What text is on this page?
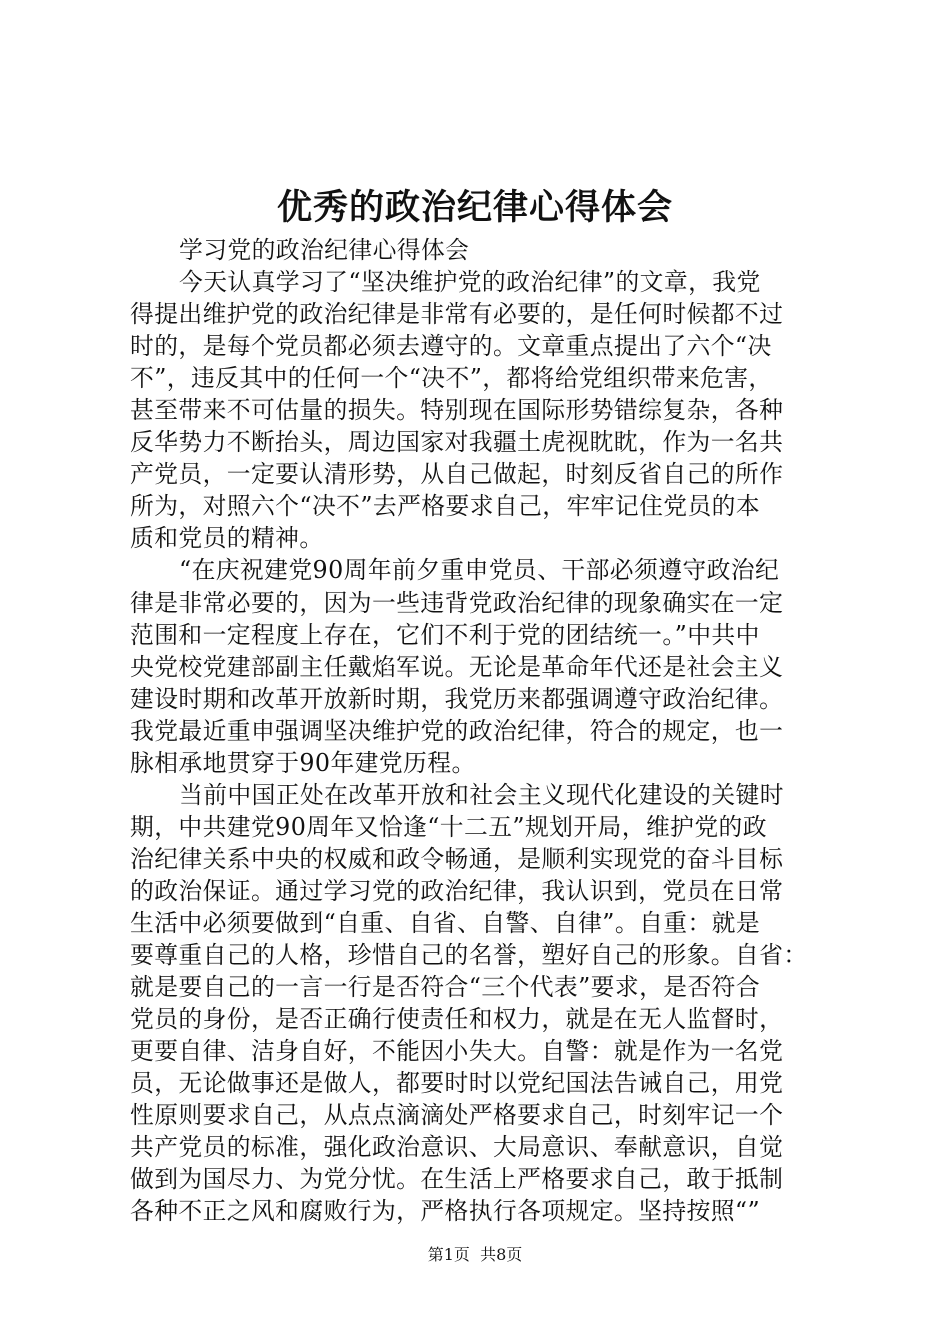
优秀的政治纪律心得体会
学习党的政治纪律心得体会
今天认真学习了“坚决维护党的政治纪律”的文章，我党
得提出维护党的政治纪律是非常有必要的，是任何时候都不过
时的，是每个党员都必须去遵守的。文章重点提出了六个“决
不”，违反其中的任何一个“决不”，都将给党组织带来危害，
甚至带来不可估量的损失。特别现在国际形势错综复杂，各种
反华势力不断抬头，周边国家对我疆土虎视眈眈，作为一名共
产党员，一定要认清形势，从自己做起，时刻反省自己的所作
所为，对照六个“决不”去严格要求自己，牢牢记住党员的本
质和党员的精神。
“在庆祝建党90周年前夕重申党员、干部必须遵守政治纪
律是非常必要的，因为一些违背党政治纪律的现象确实在一定
范围和一定程度上存在，它们不利于党的团结统一。”中共中
央党校党建部副主任戴焰军说。无论是革命年代还是社会主义
建设时期和改革开放新时期，我党历来都强调遵守政治纪律。
我党最近重申强调坚决维护党的政治纪律，符合的规定，也一
脉相承地贯穿于90年建党历程。
当前中国正处在改革开放和社会主义现代化建设的关键时
期，中共建党90周年又恰逢“十二五”规划开局，维护党的政
治纪律关系中央的权威和政令畅通，是顺利实现党的奋斗目标
的政治保证。通过学习党的政治纪律，我认识到，党员在日常
生活中必须要做到“自重、自省、自警、自律”。自重：就是
要尊重自己的人格，珍惜自己的名誉，塑好自己的形象。自省：
就是要自己的一言一行是否符合“三个代表”要求，是否符合
党员的身份，是否正确行使责任和权力，就是在无人监督时，
更要自律、洁身自好，不能因小失大。自警：就是作为一名党
员，无论做事还是做人，都要时时以党纪国法告诫自己，用党
性原则要求自己，从点点滴滴处严格要求自己，时刻牢记一个
共产党员的标准，强化政治意识、大局意识、奉献意识，自觉
做到为国尽力、为党分忧。在生活上严格要求自己，敢于抵制
各种不正之风和腐败行为，严格执行各项规定。坚持按照“”
第1页  共8页
